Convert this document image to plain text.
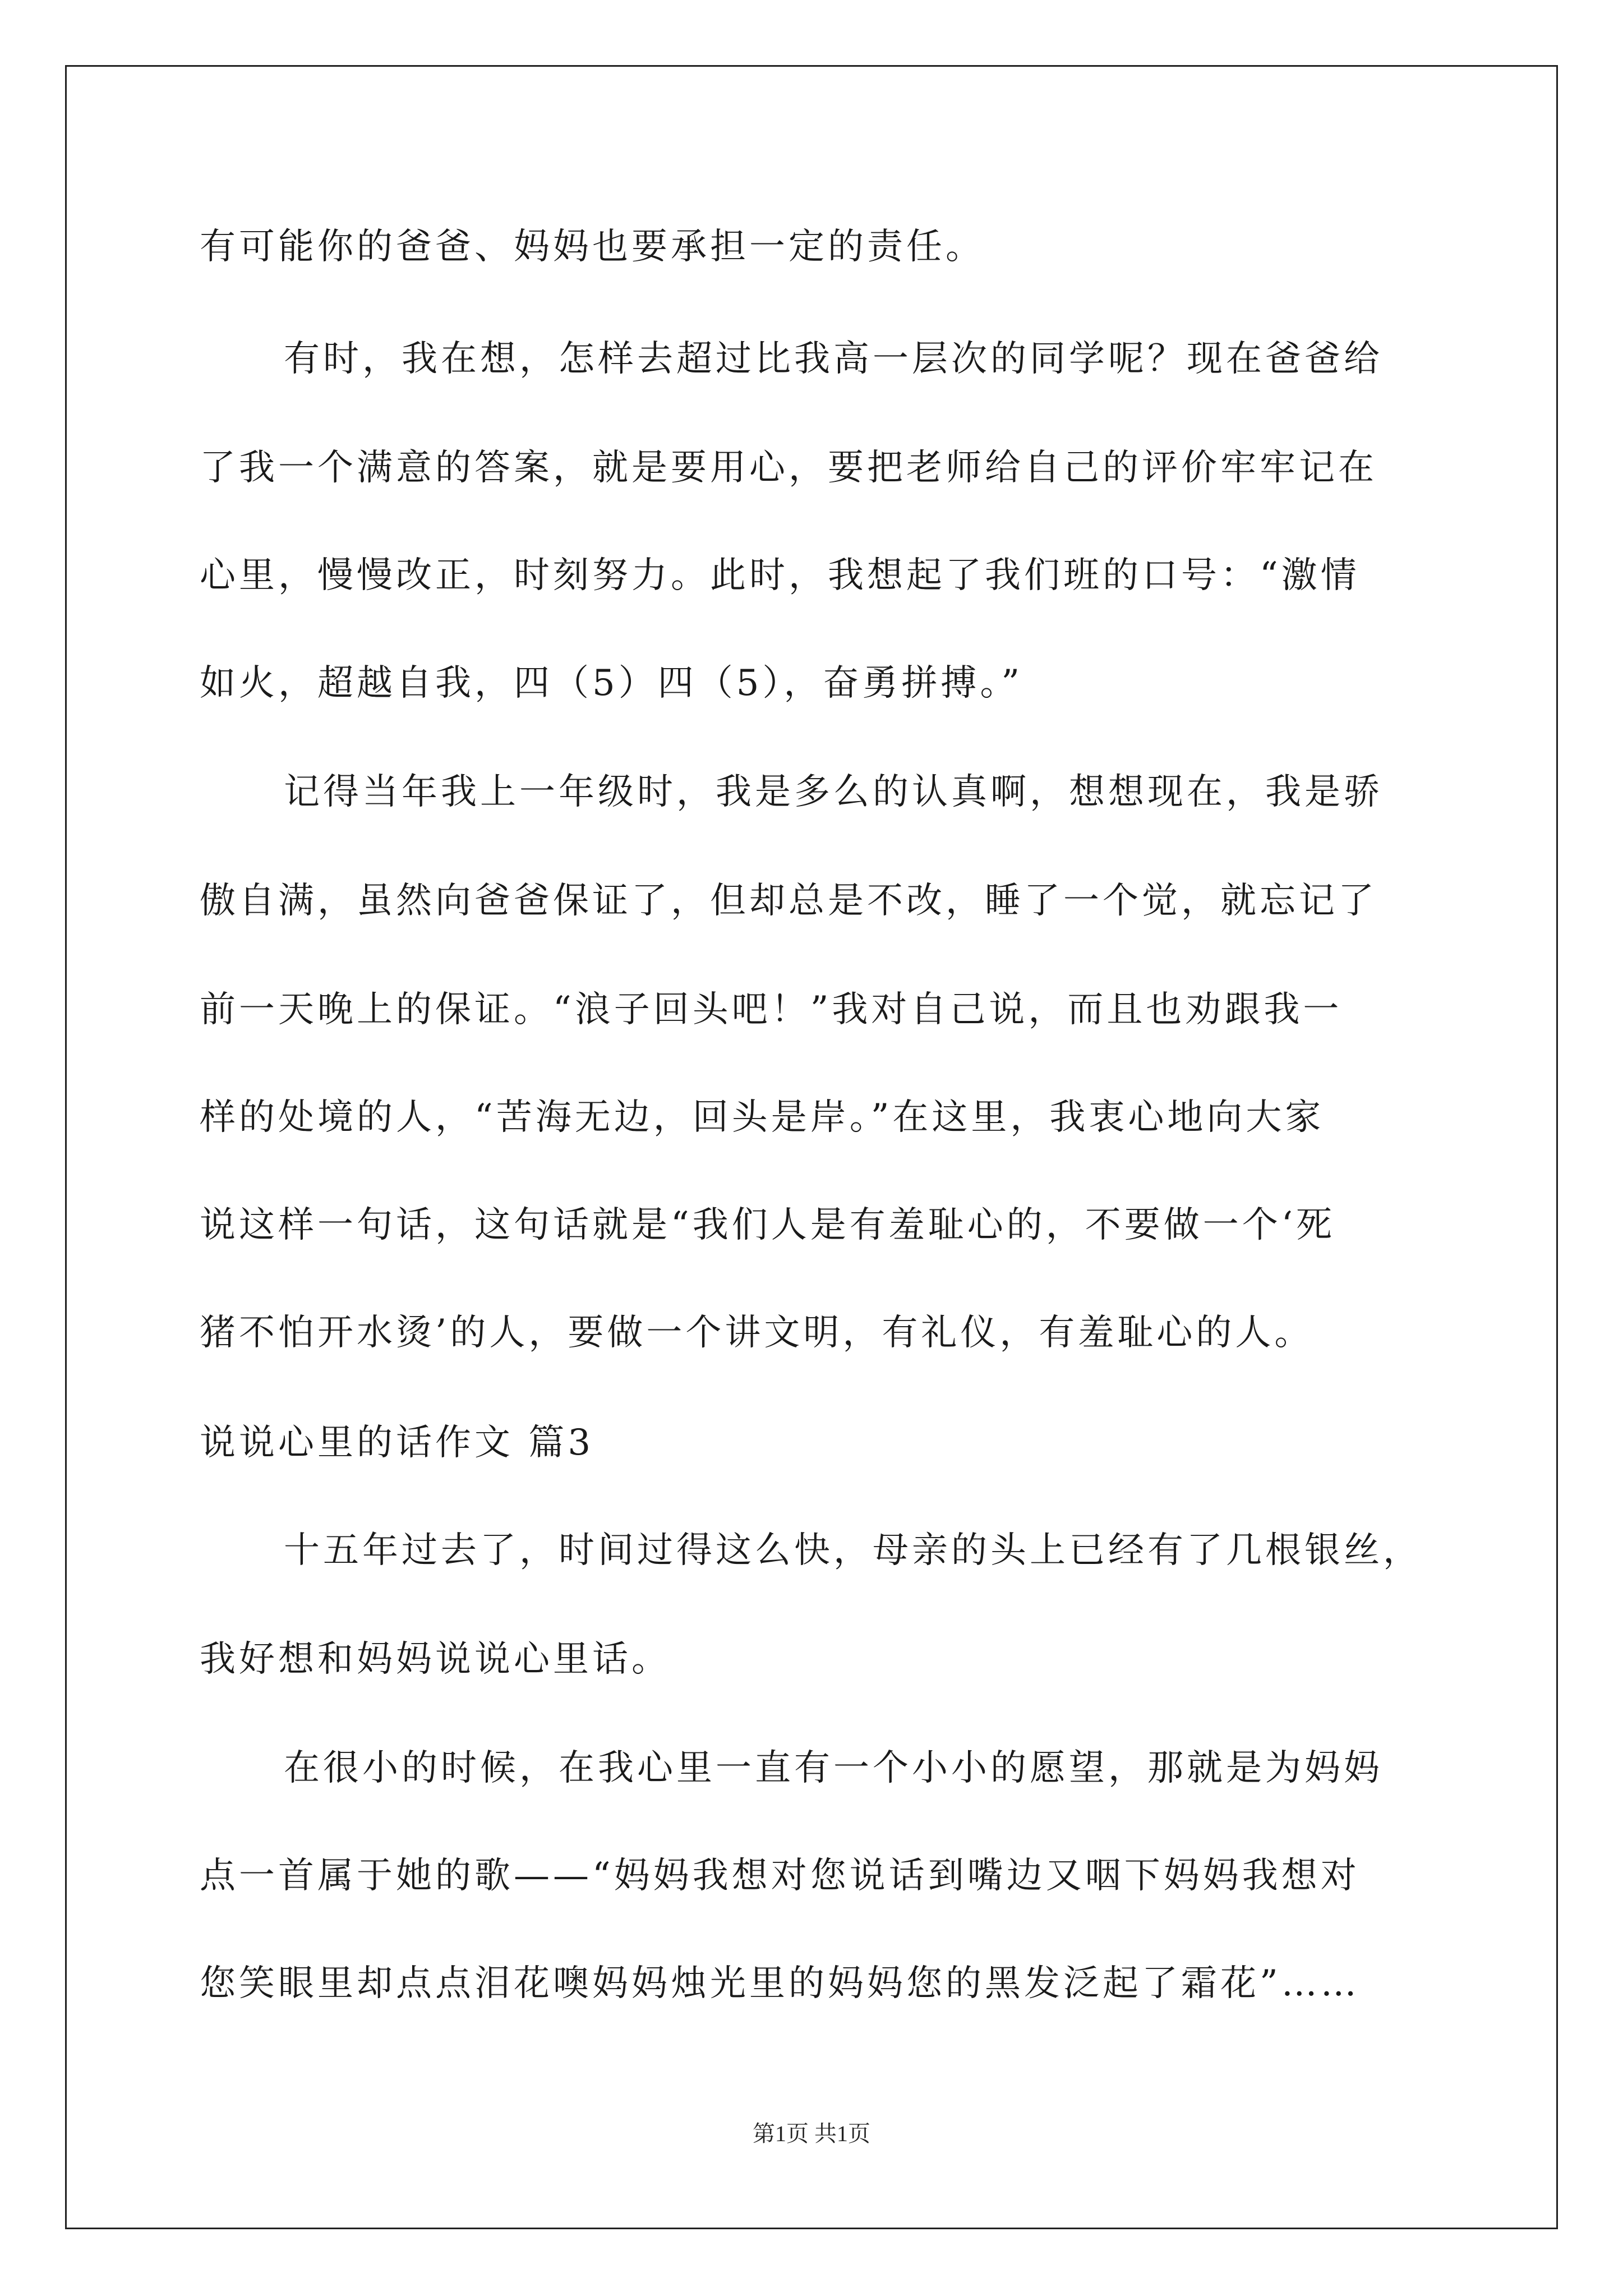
有可能你的爸爸、妈妈也要承担一定的责任。
有时，我在想，怎样去超过比我高一层次的同学呢？现在爸爸给
了我一个满意的答案，就是要用心，要把老师给自己的评价牢牢记在
心里，慢慢改正，时刻努力。此时，我想起了我们班的口号：“激情
如火，超越自我，四（5）四（5），奋勇拼搏。”
记得当年我上一年级时，我是多么的认真啊，想想现在，我是骄
傲自满，虽然向爸爸保证了，但却总是不改，睡了一个觉，就忘记了
前一天晚上的保证。“浪子回头吧！”我对自己说，而且也劝跟我一
样的处境的人，“苦海无边，回头是岸。”在这里，我衷心地向大家
说这样一句话，这句话就是“我们人是有羞耻心的，不要做一个‘死
猪不怕开水烫’的人，要做一个讲文明，有礼仪，有羞耻心的人。
说说心里的话作文 篇3
十五年过去了，时间过得这么快，母亲的头上已经有了几根银丝，
我好想和妈妈说说心里话。
在很小的时候，在我心里一直有一个小小的愿望，那就是为妈妈
点一首属于她的歌——“妈妈我想对您说话到嘴边又咽下妈妈我想对
您笑眼里却点点泪花噢妈妈烛光里的妈妈您的黑发泛起了霜花”……
第1页 共1页
